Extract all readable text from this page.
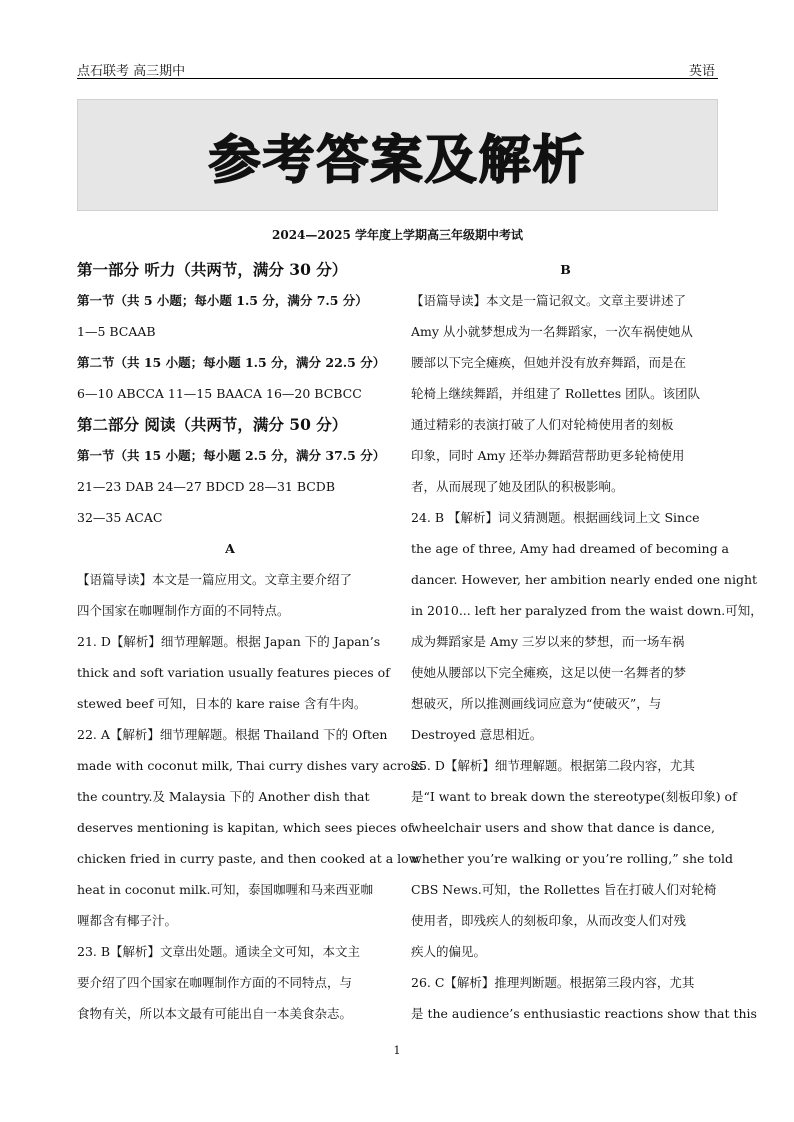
点石联考 高三期中	英语
参考答案及解析
2024—2025 学年度上学期高三年级期中考试
第一部分 听力（共两节，满分 30 分）
第一节（共 5 小题；每小题 1.5 分，满分 7.5 分）
1—5 BCAAB
第二节（共 15 小题；每小题 1.5 分，满分 22.5 分）
6—10 ABCCA 11—15 BAACA 16—20 BCBCC
第二部分 阅读（共两节，满分 50 分）
第一节（共 15 小题；每小题 2.5 分，满分 37.5 分）
21—23 DAB 24—27 BDCD 28—31 BCDB
32—35 ACAC
A
【语篇导读】本文是一篇应用文。文章主要介绍了
四个国家在咖喱制作方面的不同特点。
21. D【解析】细节理解题。根据 Japan 下的 Japan’s
thick and soft variation usually features pieces of
stewed beef 可知，日本的 kare raise 含有牛肉。
22. A【解析】细节理解题。根据 Thailand 下的 Often
made with coconut milk, Thai curry dishes vary across
the country.及 Malaysia 下的 Another dish that
deserves mentioning is kapitan, which sees pieces of
chicken fried in curry paste, and then cooked at a low
heat in coconut milk.可知，泰国咖喱和马来西亚咖
喱都含有椰子汁。
23. B【解析】文章出处题。通读全文可知，本文主
要介绍了四个国家在咖喱制作方面的不同特点，与
食物有关，所以本文最有可能出自一本美食杂志。
B
【语篇导读】本文是一篇记叙文。文章主要讲述了
Amy 从小就梦想成为一名舞蹈家，一次车祸使她从
腰部以下完全瘫痪，但她并没有放弃舞蹈，而是在
轮椅上继续舞蹈，并组建了 Rollettes 团队。该团队
通过精彩的表演打破了人们对轮椅使用者的刻板
印象，同时 Amy 还举办舞蹈营帮助更多轮椅使用
者，从而展现了她及团队的积极影响。
24. B 【解析】词义猜测题。根据画线词上文 Since
the age of three, Amy had dreamed of becoming a
dancer. However, her ambition nearly ended one night
in 2010... left her paralyzed from the waist down.可知，
成为舞蹈家是 Amy 三岁以来的梦想，而一场车祸
使她从腰部以下完全瘫痪，这足以使一名舞者的梦
想破灭，所以推测画线词应意为“使破灭”，与
Destroyed 意思相近。
25. D【解析】细节理解题。根据第二段内容，尤其
是“I want to break down the stereotype(刻板印象) of
wheelchair users and show that dance is dance,
whether you’re walking or you’re rolling,” she told
CBS News.可知，the Rollettes 旨在打破人们对轮椅
使用者，即残疾人的刻板印象，从而改变人们对残
疾人的偏见。
26. C【解析】推理判断题。根据第三段内容，尤其
是 the audience’s enthusiastic reactions show that this
1
